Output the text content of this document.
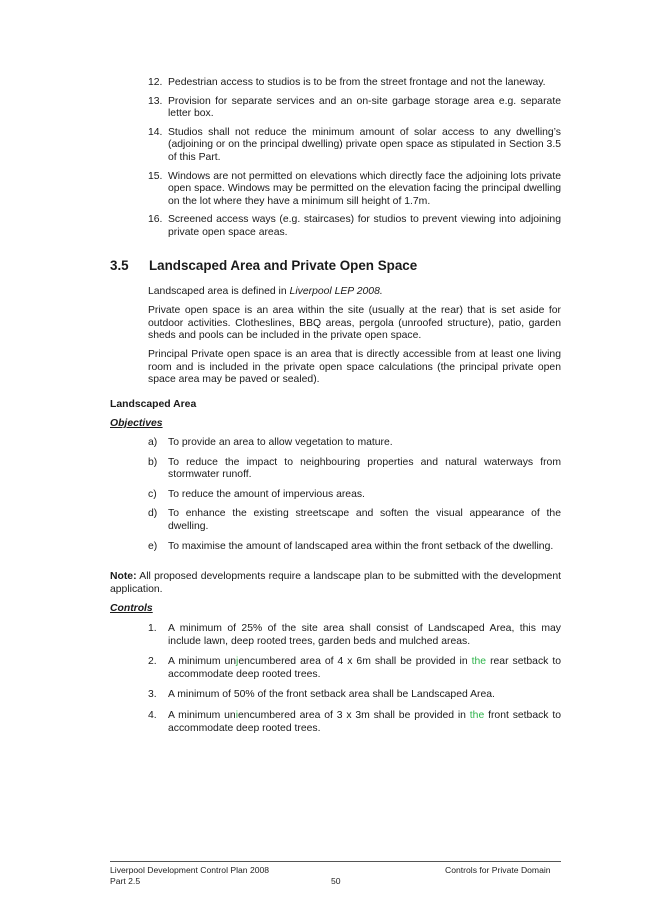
12. Pedestrian access to studios is to be from the street frontage and not the laneway.
13. Provision for separate services and an on-site garbage storage area e.g. separate letter box.
14. Studios shall not reduce the minimum amount of solar access to any dwelling’s (adjoining or on the principal dwelling) private open space as stipulated in Section 3.5 of this Part.
15. Windows are not permitted on elevations which directly face the adjoining lots private open space. Windows may be permitted on the elevation facing the principal dwelling on the lot where they have a minimum sill height of 1.7m.
16. Screened access ways (e.g. staircases) for studios to prevent viewing into adjoining private open space areas.
3.5 Landscaped Area and Private Open Space
Landscaped area is defined in Liverpool LEP 2008.
Private open space is an area within the site (usually at the rear) that is set aside for outdoor activities. Clotheslines, BBQ areas, pergola (unroofed structure), patio, garden sheds and pools can be included in the private open space.
Principal Private open space is an area that is directly accessible from at least one living room and is included in the private open space calculations (the principal private open space area may be paved or sealed).
Landscaped Area
Objectives
a) To provide an area to allow vegetation to mature.
b) To reduce the impact to neighbouring properties and natural waterways from stormwater runoff.
c) To reduce the amount of impervious areas.
d) To enhance the existing streetscape and soften the visual appearance of the dwelling.
e) To maximise the amount of landscaped area within the front setback of the dwelling.
Note: All proposed developments require a landscape plan to be submitted with the development application.
Controls
1. A minimum of 25% of the site area shall consist of Landscaped Area, this may include lawn, deep rooted trees, garden beds and mulched areas.
2. A minimum unjencumbered area of 4 x 6m shall be provided in the rear setback to accommodate deep rooted trees.
3. A minimum of 50% of the front setback area shall be Landscaped Area.
4. A minimum uniencumbered area of 3 x 3m shall be provided in the front setback to accommodate deep rooted trees.
Liverpool Development Control Plan 2008
Part 2.5	50
Controls for Private Domain
